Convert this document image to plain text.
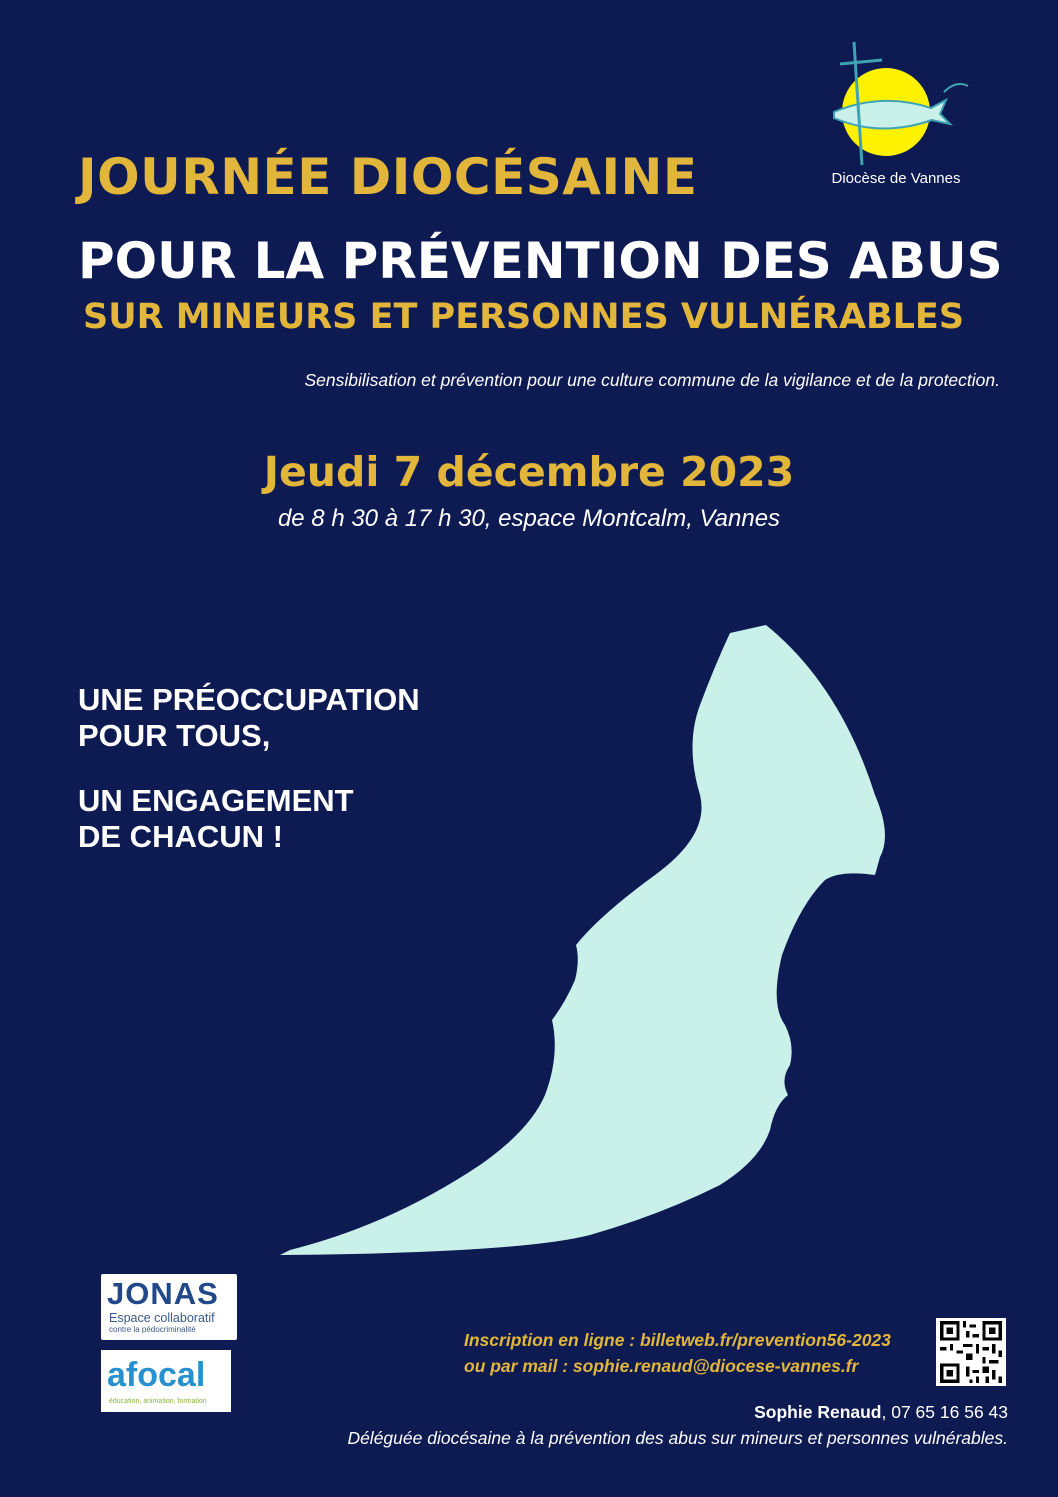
Diocèse de Vannes
JOURNÉE DIOCÉSAINE
POUR LA PRÉVENTION DES ABUS
SUR MINEURS ET PERSONNES VULNÉRABLES
Sensibilisation et prévention pour une culture commune de la vigilance et de la protection.
Jeudi 7 décembre 2023
de 8 h 30 à 17 h 30, espace Montcalm, Vannes
UNE PRÉOCCUPATION
POUR TOUS,
UN ENGAGEMENT
DE CHACUN !
JONAS
Espace collaboratif
contre la pédocriminalité
afocal
éducation, animation, formation
Inscription en ligne : billetweb.fr/prevention56-2023
ou par mail : sophie.renaud@diocese-vannes.fr
Sophie Renaud, 07 65 16 56 43
Déléguée diocésaine à la prévention des abus sur mineurs et personnes vulnérables.
